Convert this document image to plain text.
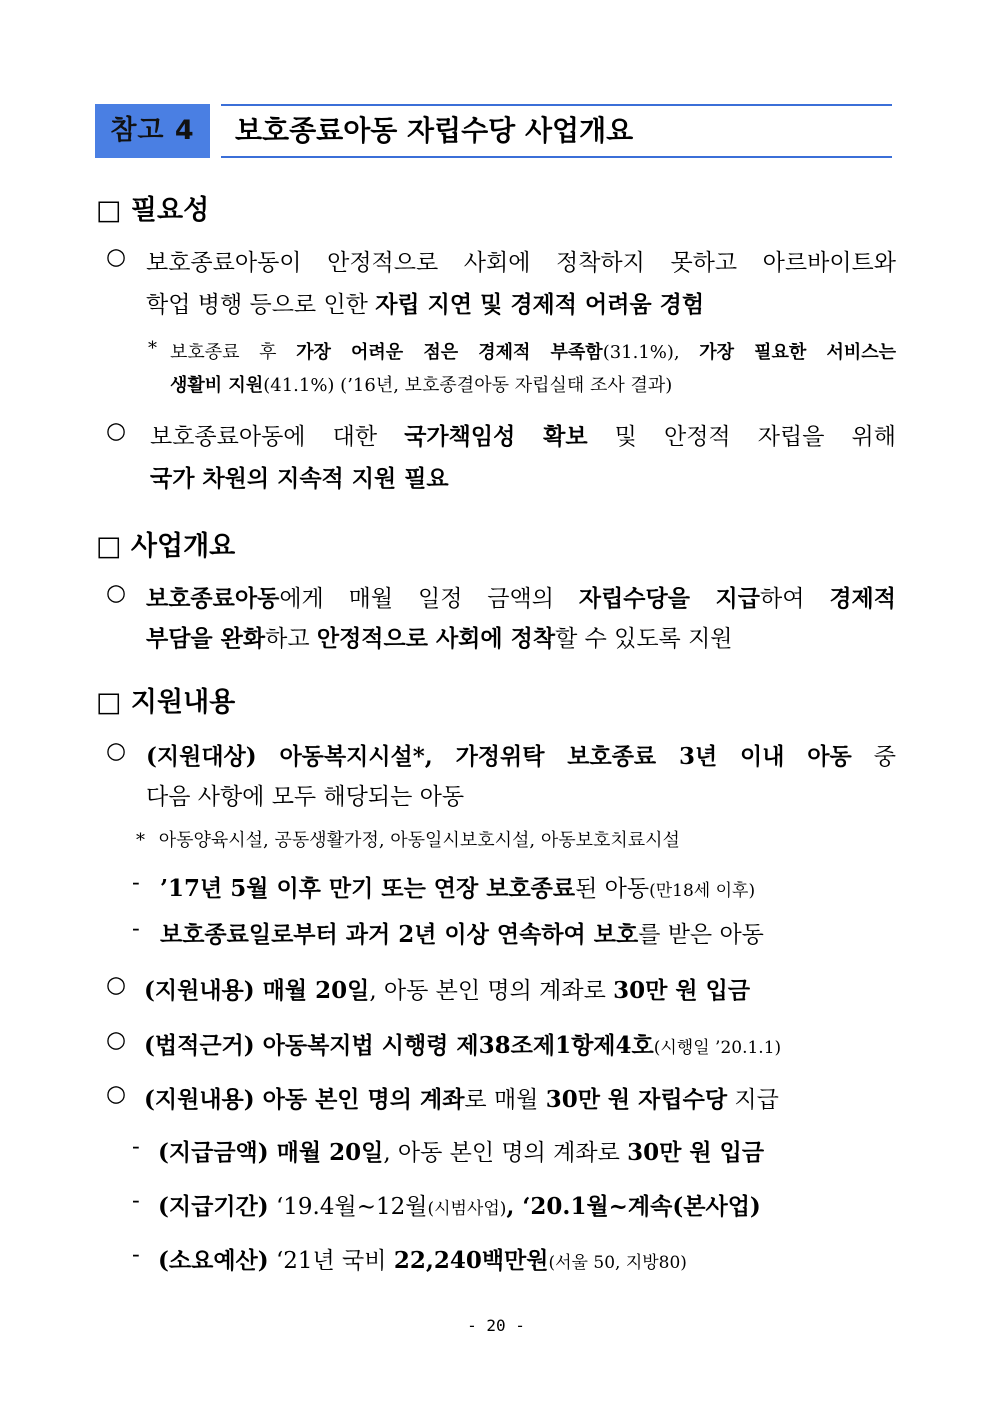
참고 4	보호종료아동 자립수당 사업개요
□ 필요성
○ 보호종료아동이 안정적으로 사회에 정착하지 못하고 아르바이트와
학업 병행 등으로 인한 자립 지연 및 경제적 어려움 경험
* 보호종료 후 가장 어려운 점은 경제적 부족함(31.1%), 가장 필요한 서비스는
생활비 지원(41.1%) (’16년, 보호종결아동 자립실태 조사 결과)
○ 보호종료아동에 대한 국가책임성 확보 및 안정적 자립을 위해
국가 차원의 지속적 지원 필요
□ 사업개요
○ 보호종료아동에게 매월 일정 금액의 자립수당을 지급하여 경제적
부담을 완화하고 안정적으로 사회에 정착할 수 있도록 지원
□ 지원내용
○ (지원대상) 아동복지시설*, 가정위탁 보호종료 3년 이내 아동 중
다음 사항에 모두 해당되는 아동
* 아동양육시설, 공동생활가정, 아동일시보호시설, 아동보호치료시설
- ’17년 5월 이후 만기 또는 연장 보호종료된 아동(만18세 이후)
- 보호종료일로부터 과거 2년 이상 연속하여 보호를 받은 아동
○ (지원내용) 매월 20일, 아동 본인 명의 계좌로 30만 원 입금
○ (법적근거) 아동복지법 시행령 제38조제1항제4호(시행일 ’20.1.1)
○ (지원내용) 아동 본인 명의 계좌로 매월 30만 원 자립수당 지급
- (지급금액) 매월 20일, 아동 본인 명의 계좌로 30만 원 입금
- (지급기간) ‘19.4월∼12월(시범사업), ‘20.1월~계속(본사업)
- (소요예산) ‘21년 국비 22,240백만원(서울 50, 지방80)
- 20 -
